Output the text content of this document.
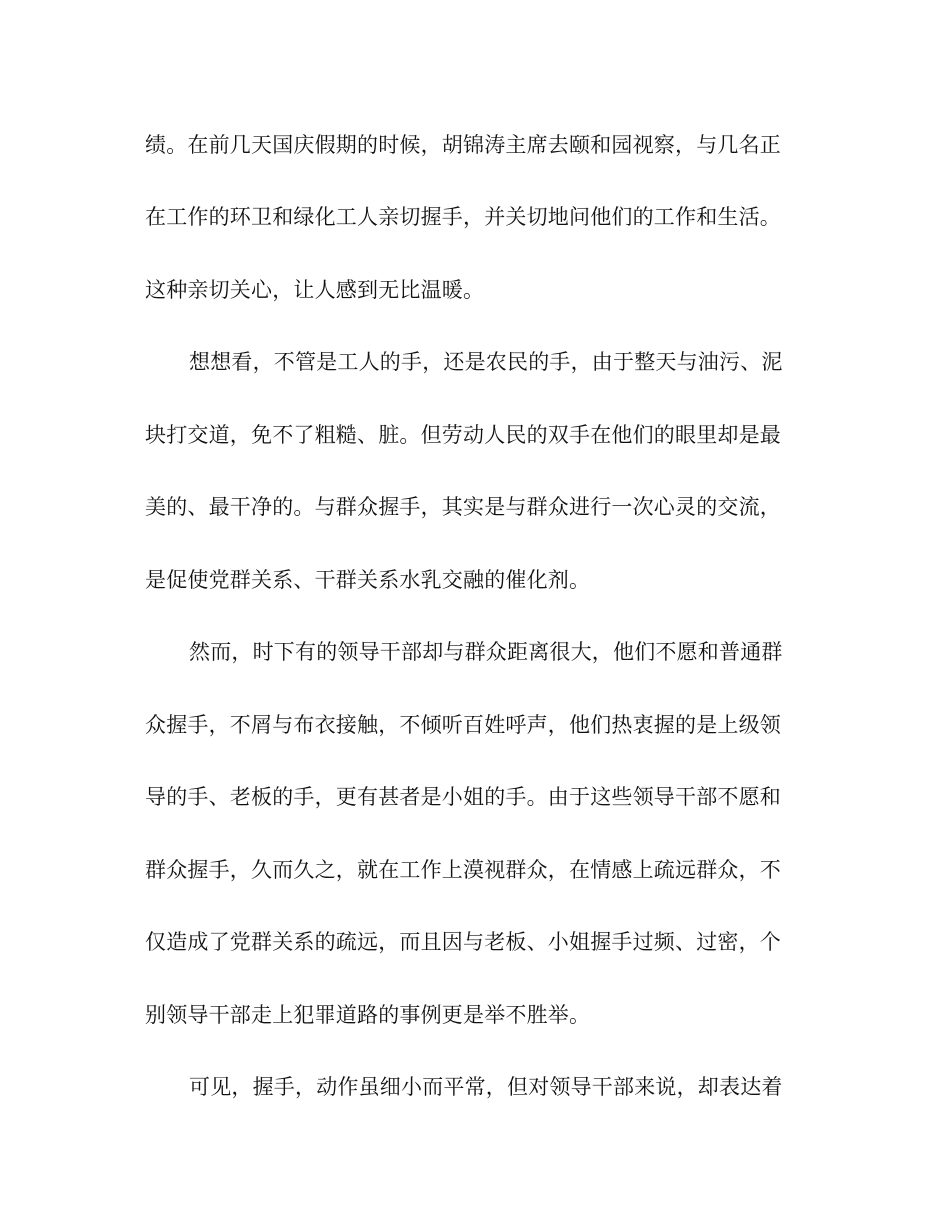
绩。在前几天国庆假期的时候，胡锦涛主席去颐和园视察，与几名正

在工作的环卫和绿化工人亲切握手，并关切地问他们的工作和生活。

这种亲切关心，让人感到无比温暖。

想想看，不管是工人的手，还是农民的手，由于整天与油污、泥

块打交道，免不了粗糙、脏。但劳动人民的双手在他们的眼里却是最

美的、最干净的。与群众握手，其实是与群众进行一次心灵的交流，

是促使党群关系、干群关系水乳交融的催化剂。

然而，时下有的领导干部却与群众距离很大，他们不愿和普通群

众握手，不屑与布衣接触，不倾听百姓呼声，他们热衷握的是上级领

导的手、老板的手，更有甚者是小姐的手。由于这些领导干部不愿和

群众握手，久而久之，就在工作上漠视群众，在情感上疏远群众，不

仅造成了党群关系的疏远，而且因与老板、小姐握手过频、过密，个

别领导干部走上犯罪道路的事例更是举不胜举。

可见，握手，动作虽细小而平常，但对领导干部来说，却表达着
